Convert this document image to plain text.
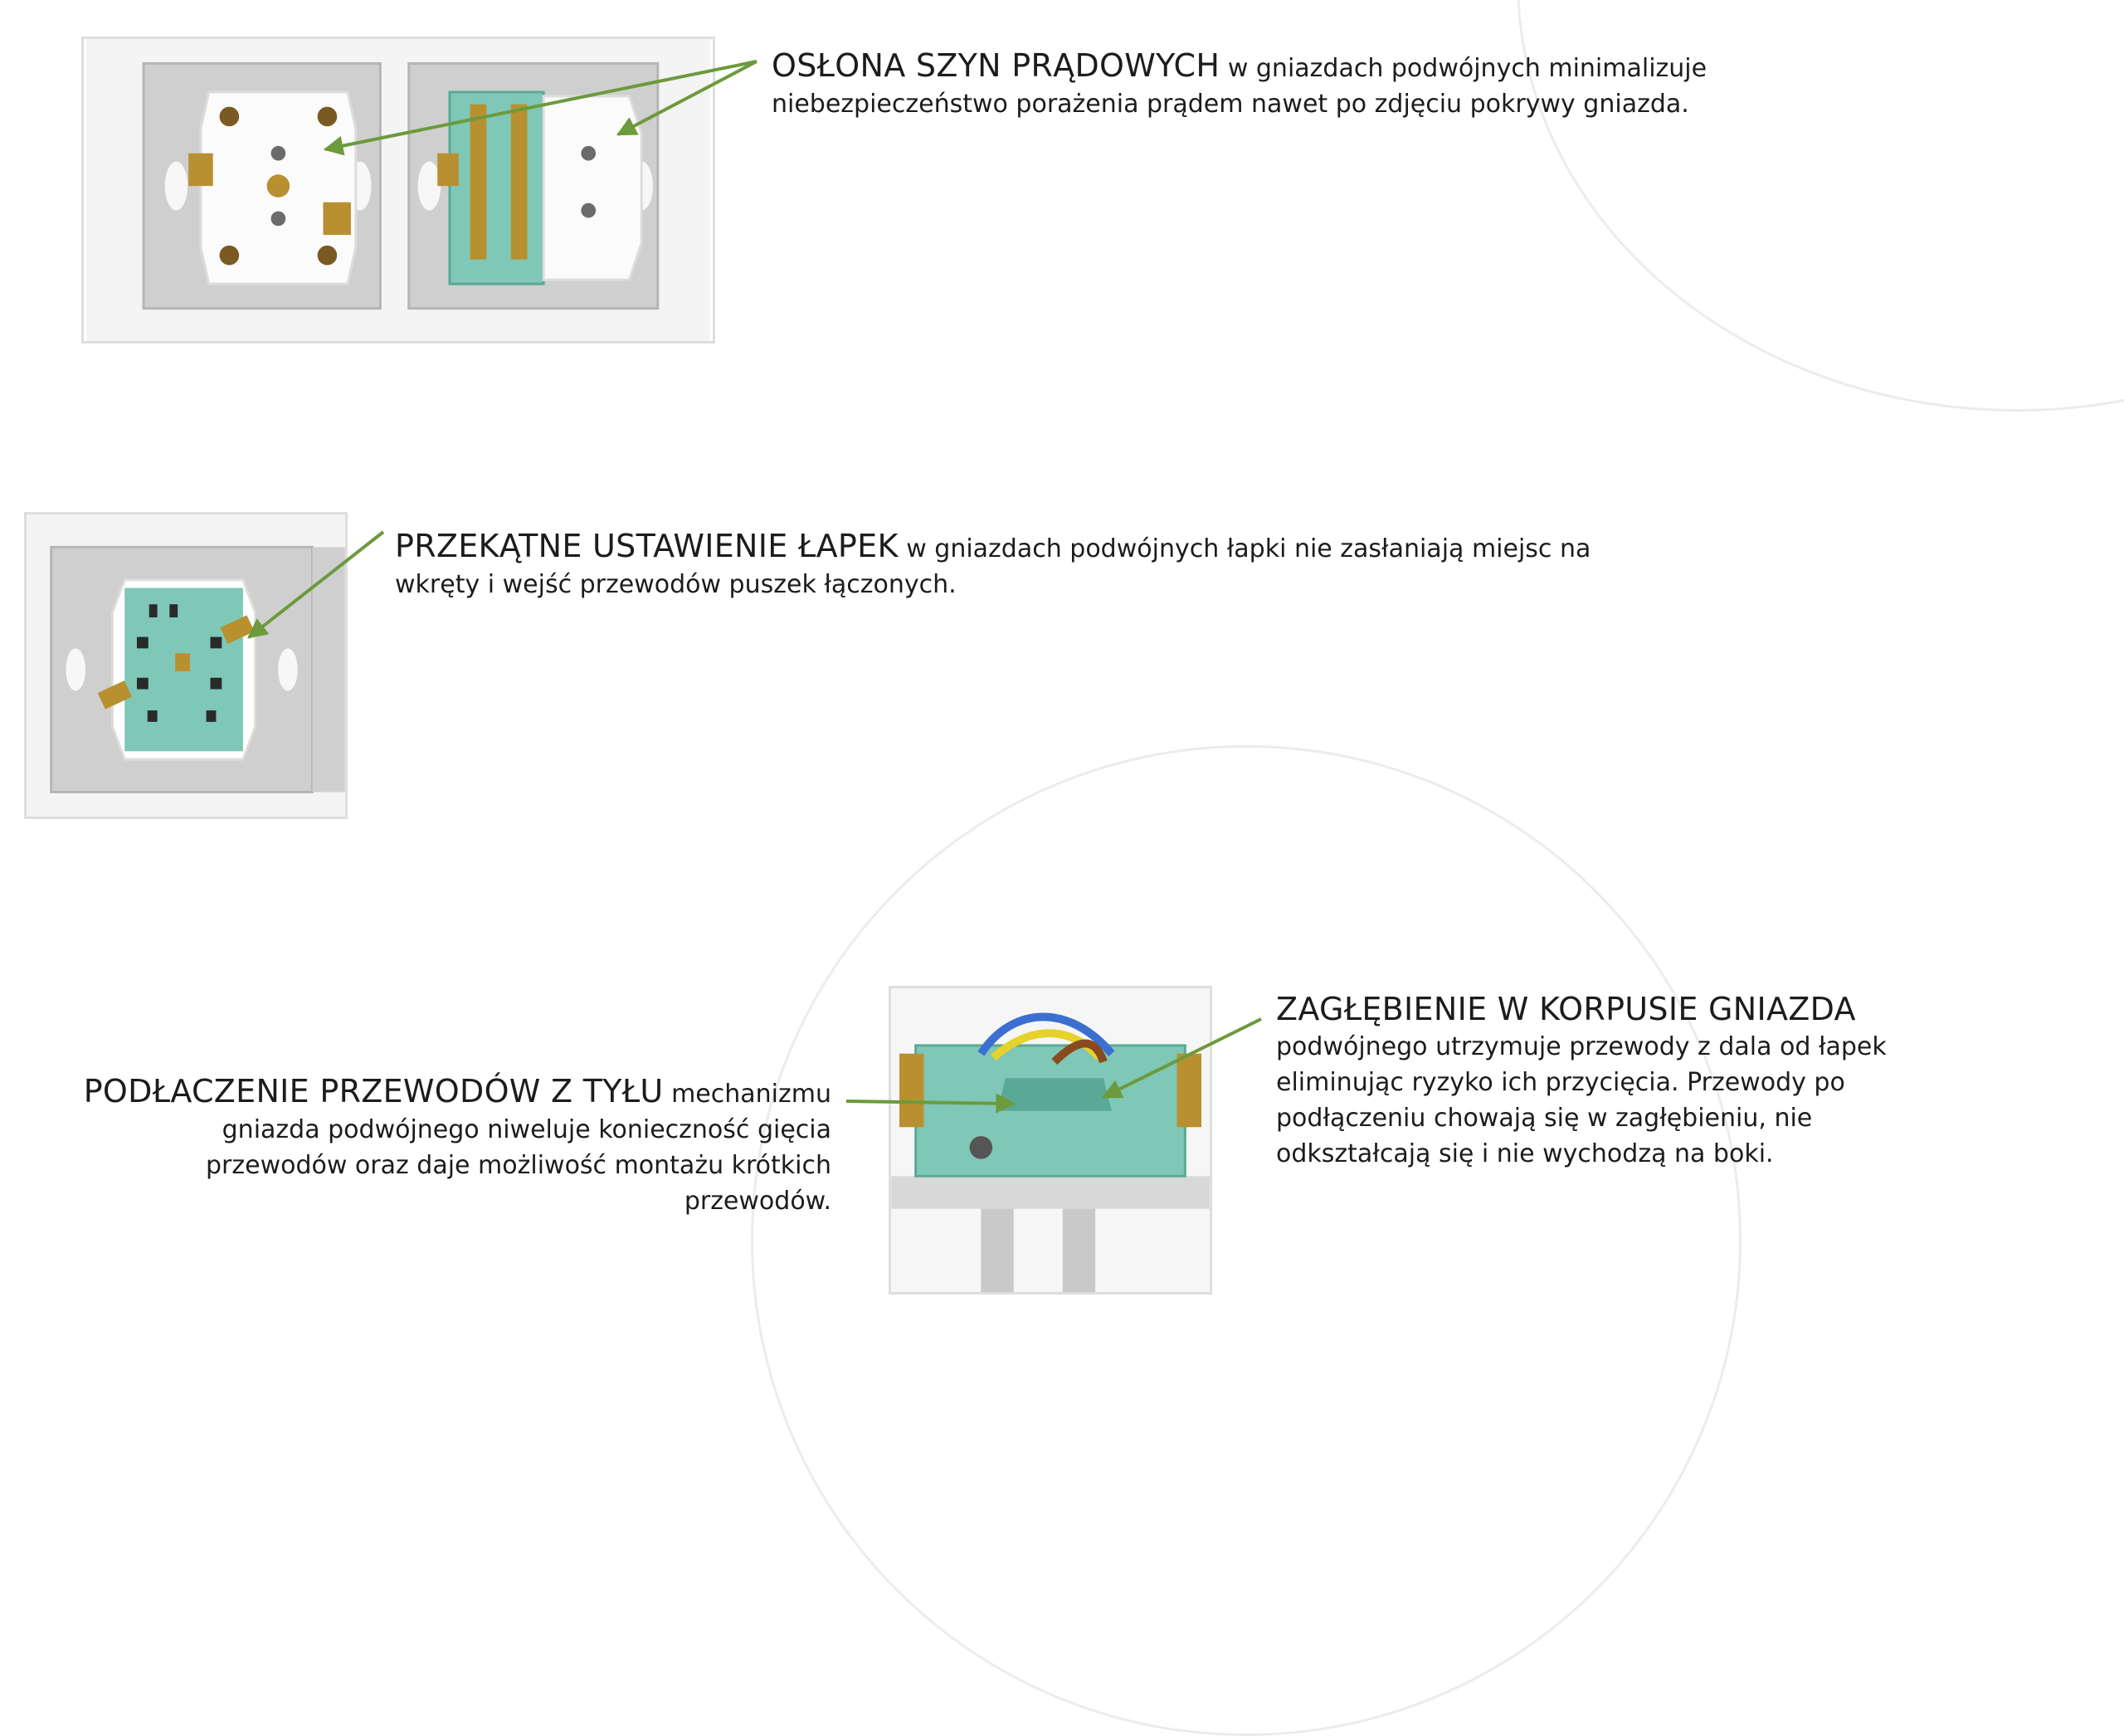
OSŁONA SZYN PRĄDOWYCH w gniazdach podwójnych minimalizuje niebezpieczeństwo porażenia prądem nawet po zdjęciu pokrywy gniazda.
PRZEKĄTNE USTAWIENIE ŁAPEK w gniazdach podwójnych łapki nie zasłaniają miejsc na wkręty i wejść przewodów puszek łączonych.
PODŁACZENIE PRZEWODÓW Z TYŁU mechanizmu gniazda podwójnego niweluje konieczność gięcia przewodów oraz daje możliwość montażu krótkich przewodów.
ZAGŁĘBIENIE W KORPUSIE GNIAZDA
podwójnego utrzymuje przewody z dala od łapek eliminując ryzyko ich przycięcia. Przewody po podłączeniu chowają się w zagłębieniu, nie odkształcają się i nie wychodzą na boki.
